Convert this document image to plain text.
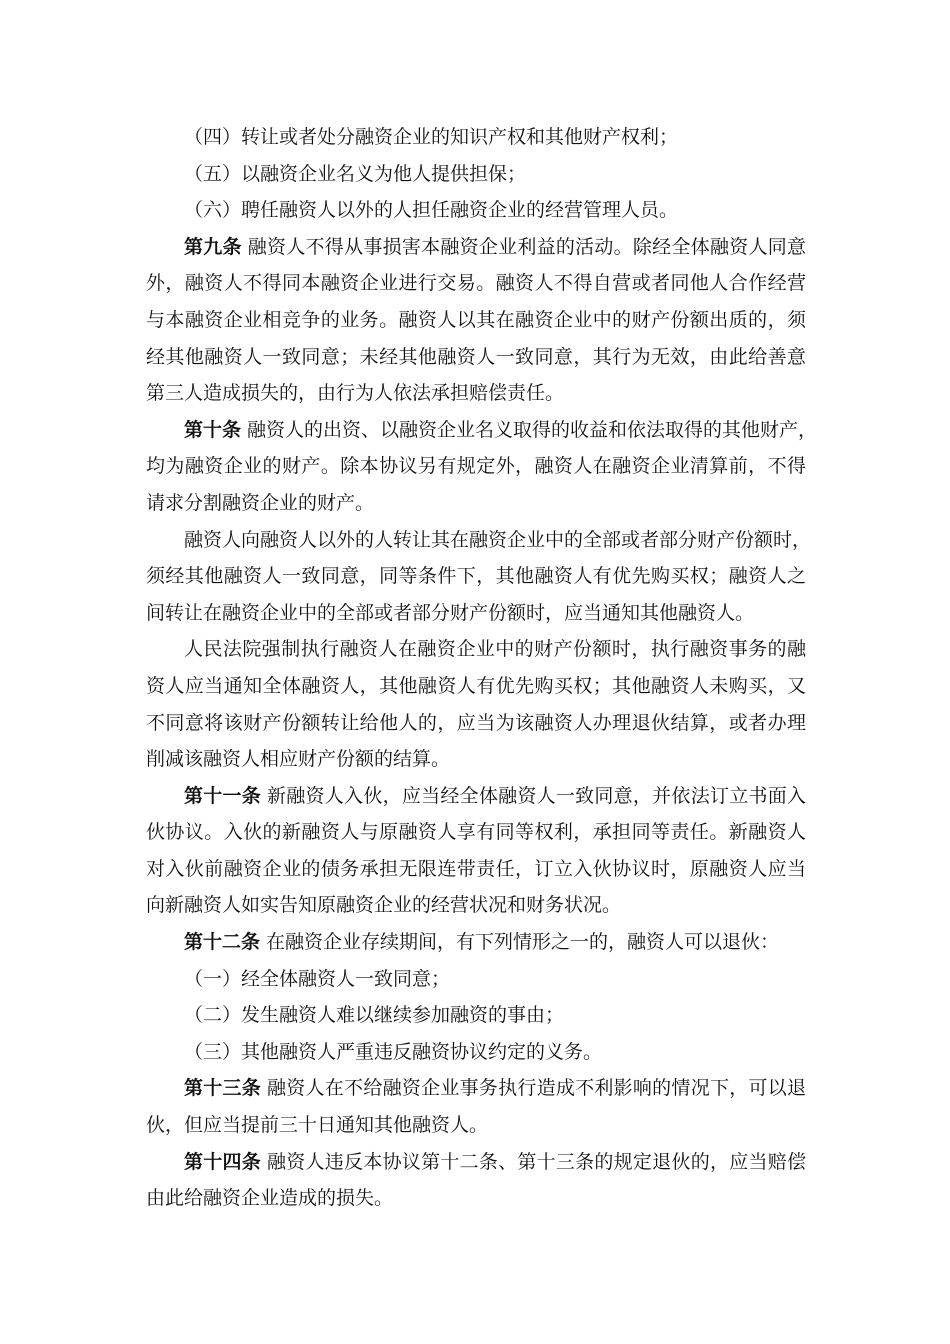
（四）转让或者处分融资企业的知识产权和其他财产权利；
（五）以融资企业名义为他人提供担保；
（六）聘任融资人以外的人担任融资企业的经营管理人员。
第九条 融资人不得从事损害本融资企业利益的活动。除经全体融资人同意
外，融资人不得同本融资企业进行交易。融资人不得自营或者同他人合作经营
与本融资企业相竞争的业务。融资人以其在融资企业中的财产份额出质的，须
经其他融资人一致同意；未经其他融资人一致同意，其行为无效，由此给善意
第三人造成损失的，由行为人依法承担赔偿责任。
第十条 融资人的出资、以融资企业名义取得的收益和依法取得的其他财产，
均为融资企业的财产。除本协议另有规定外，融资人在融资企业清算前，不得
请求分割融资企业的财产。
融资人向融资人以外的人转让其在融资企业中的全部或者部分财产份额时，
须经其他融资人一致同意，同等条件下，其他融资人有优先购买权；融资人之
间转让在融资企业中的全部或者部分财产份额时，应当通知其他融资人。
人民法院强制执行融资人在融资企业中的财产份额时，执行融资事务的融
资人应当通知全体融资人，其他融资人有优先购买权；其他融资人未购买，又
不同意将该财产份额转让给他人的，应当为该融资人办理退伙结算，或者办理
削减该融资人相应财产份额的结算。
第十一条 新融资人入伙，应当经全体融资人一致同意，并依法订立书面入
伙协议。入伙的新融资人与原融资人享有同等权利，承担同等责任。新融资人
对入伙前融资企业的债务承担无限连带责任，订立入伙协议时，原融资人应当
向新融资人如实告知原融资企业的经营状况和财务状况。
第十二条 在融资企业存续期间，有下列情形之一的，融资人可以退伙：
（一）经全体融资人一致同意；
（二）发生融资人难以继续参加融资的事由；
（三）其他融资人严重违反融资协议约定的义务。
第十三条 融资人在不给融资企业事务执行造成不利影响的情况下，可以退
伙，但应当提前三十日通知其他融资人。
第十四条 融资人违反本协议第十二条、第十三条的规定退伙的，应当赔偿
由此给融资企业造成的损失。
